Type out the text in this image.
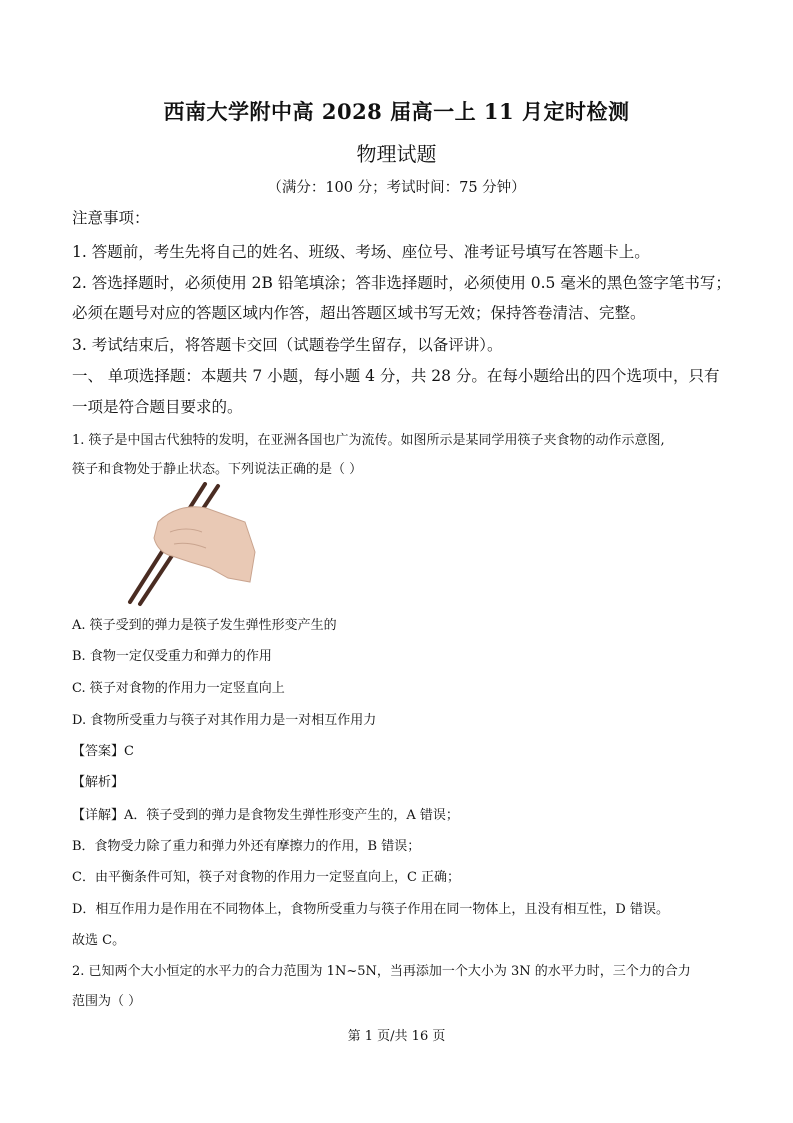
西南大学附中高 2028 届高一上 11 月定时检测
物理试题
（满分：100 分；考试时间：75 分钟）
注意事项：
1. 答题前，考生先将自己的姓名、班级、考场、座位号、准考证号填写在答题卡上。
2. 答选择题时，必须使用 2B 铅笔填涂；答非选择题时，必须使用 0.5 毫米的黑色签字笔书写；
必须在题号对应的答题区域内作答，超出答题区域书写无效；保持答卷清洁、完整。
3. 考试结束后，将答题卡交回（试题卷学生留存，以备评讲）。
一、 单项选择题：本题共 7 小题，每小题 4 分，共 28 分。在每小题给出的四个选项中，只有
一项是符合题目要求的。
1. 筷子是中国古代独特的发明，在亚洲各国也广为流传。如图所示是某同学用筷子夹食物的动作示意图,
筷子和食物处于静止状态。下列说法正确的是（ ）
A. 筷子受到的弹力是筷子发生弹性形变产生的
B. 食物一定仅受重力和弹力的作用
C. 筷子对食物的作用力一定竖直向上
D. 食物所受重力与筷子对其作用力是一对相互作用力
【答案】C
【解析】
【详解】A．筷子受到的弹力是食物发生弹性形变产生的，A 错误；
B．食物受力除了重力和弹力外还有摩擦力的作用，B 错误；
C．由平衡条件可知，筷子对食物的作用力一定竖直向上，C 正确；
D．相互作用力是作用在不同物体上，食物所受重力与筷子作用在同一物体上，且没有相互性，D 错误。
故选 C。
2. 已知两个大小恒定的水平力的合力范围为 1N~5N，当再添加一个大小为 3N 的水平力时，三个力的合力
范围为（ ）
第 1 页/共 16 页
